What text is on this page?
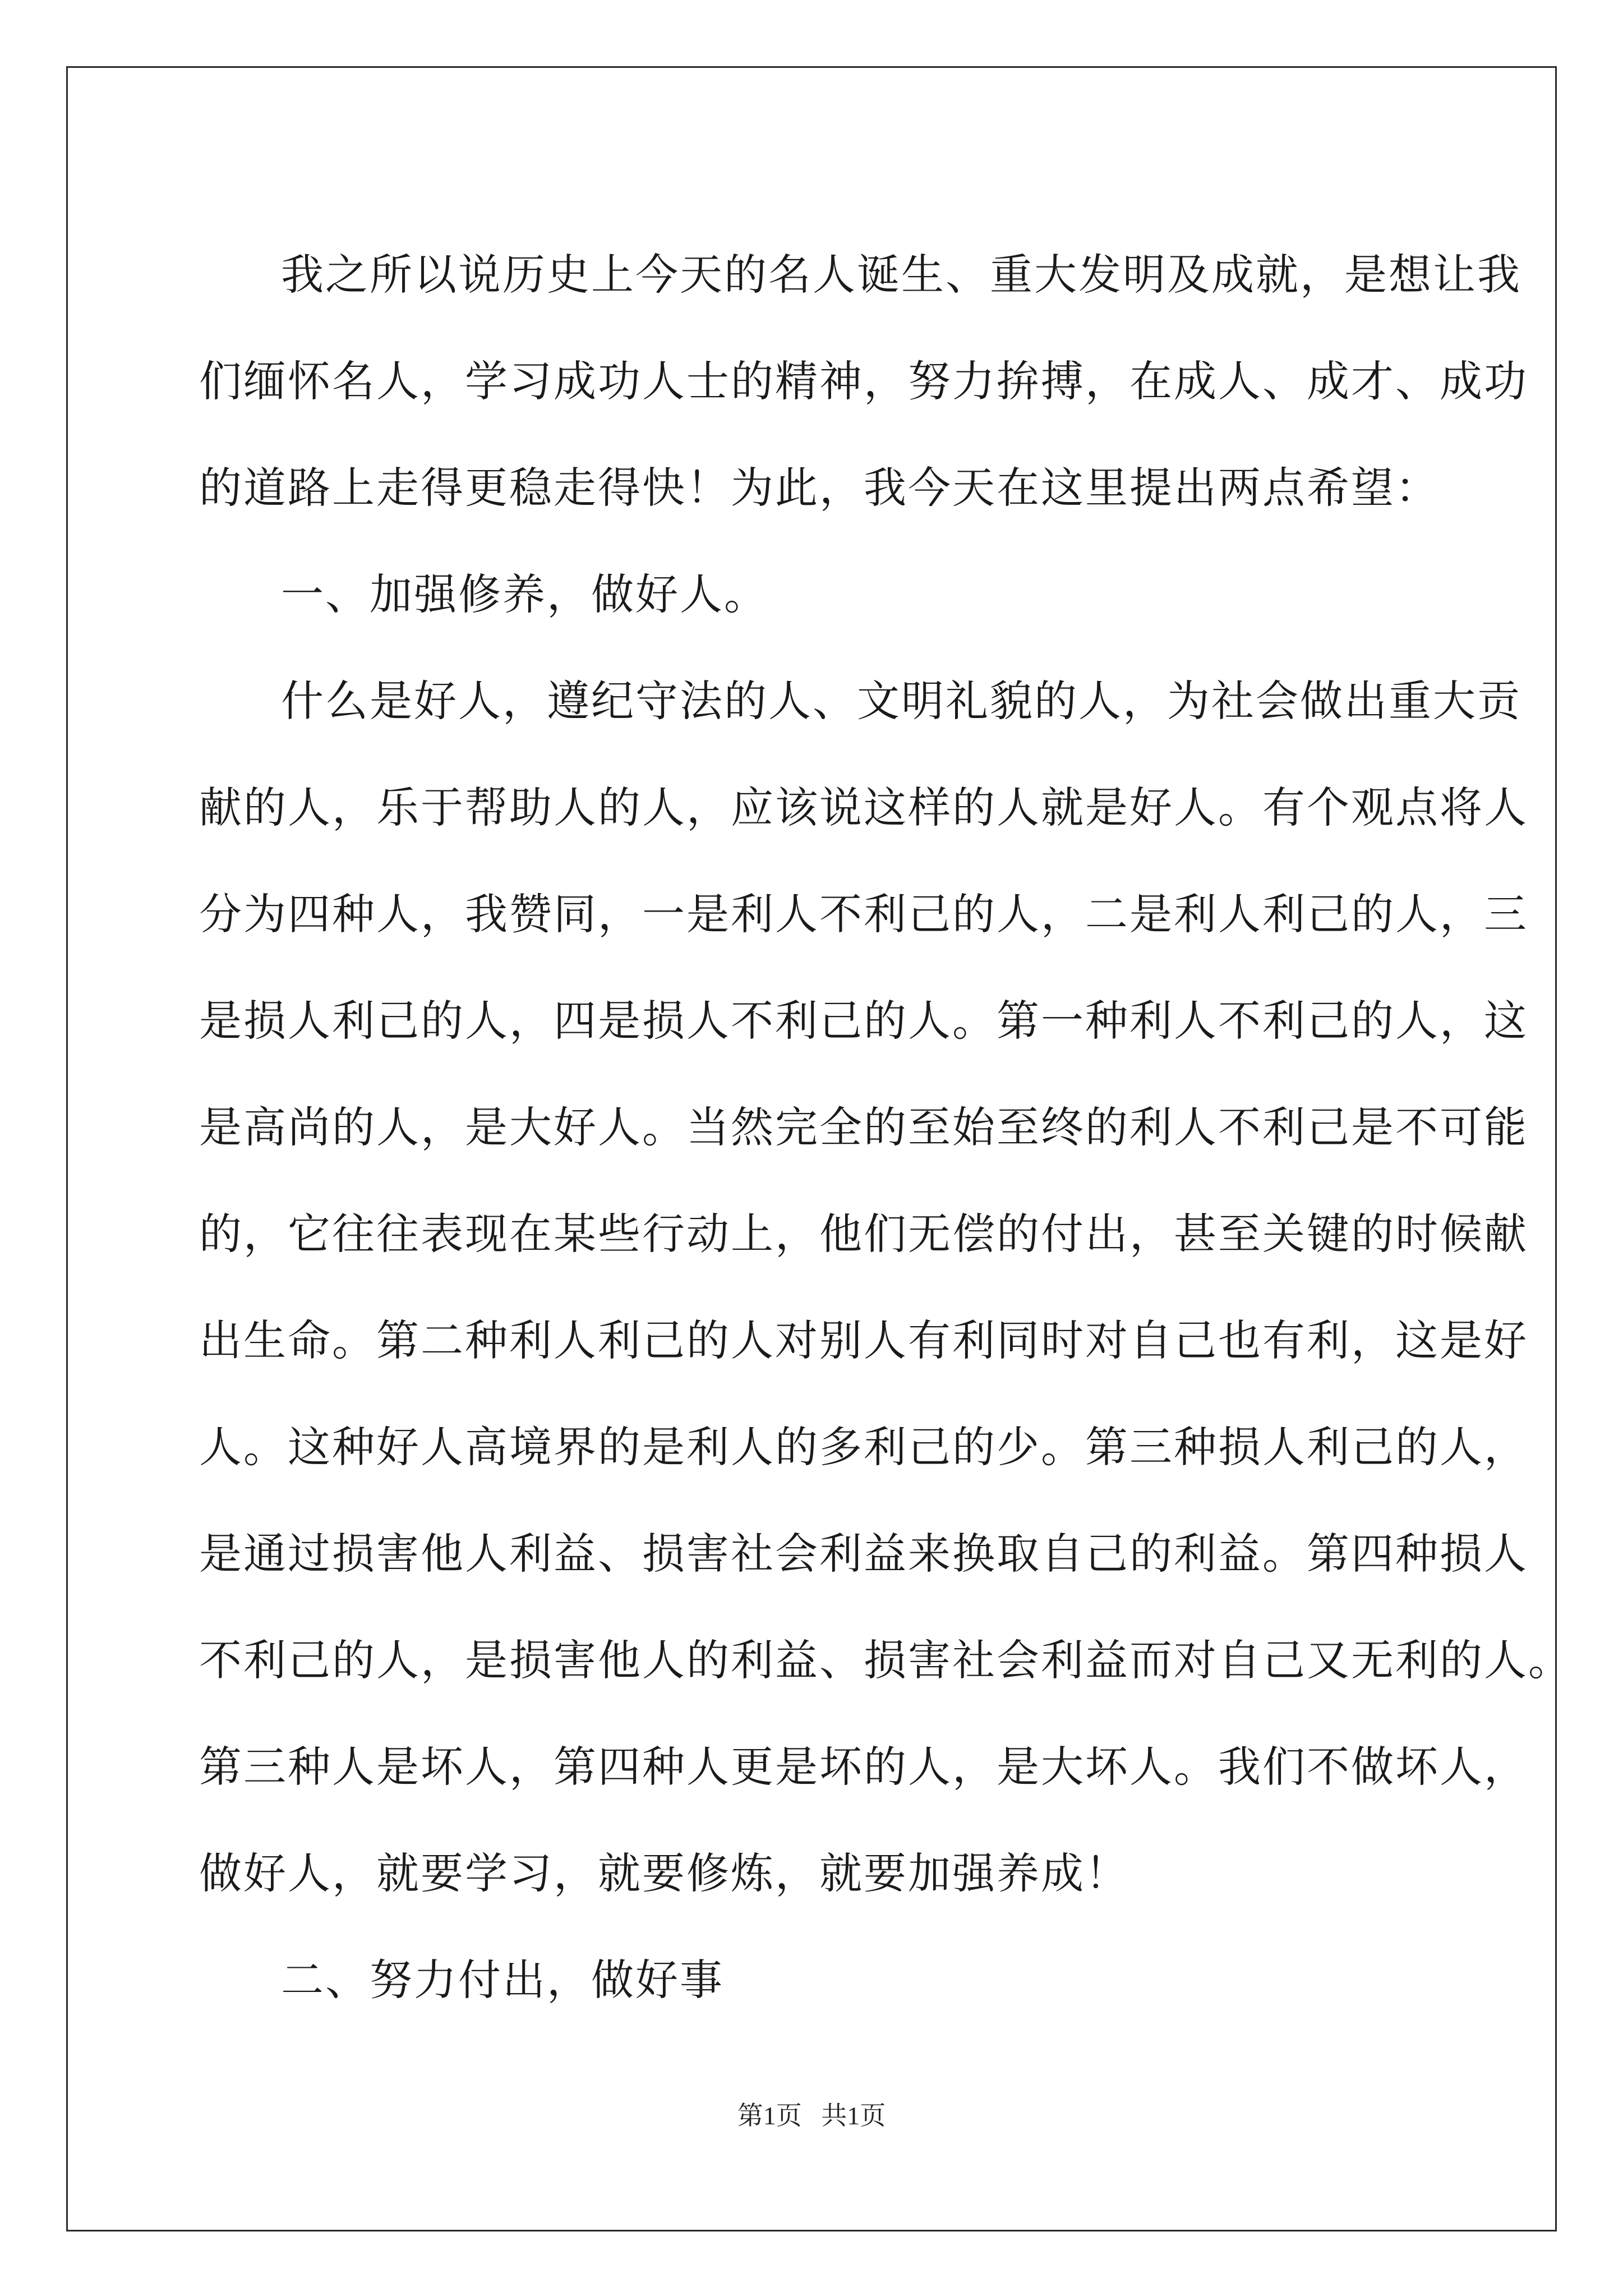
我之所以说历史上今天的名人诞生、重大发明及成就，是想让我
们缅怀名人，学习成功人士的精神，努力拚搏，在成人、成才、成功
的道路上走得更稳走得快！为此，我今天在这里提出两点希望：
一、加强修养，做好人。
什么是好人，遵纪守法的人、文明礼貌的人，为社会做出重大贡
献的人，乐于帮助人的人，应该说这样的人就是好人。有个观点将人
分为四种人，我赞同，一是利人不利己的人，二是利人利己的人，三
是损人利己的人，四是损人不利己的人。第一种利人不利己的人，这
是高尚的人，是大好人。当然完全的至始至终的利人不利己是不可能
的，它往往表现在某些行动上，他们无偿的付出，甚至关键的时候献
出生命。第二种利人利己的人对别人有利同时对自己也有利，这是好
人。这种好人高境界的是利人的多利己的少。第三种损人利己的人，
是通过损害他人利益、损害社会利益来换取自己的利益。第四种损人
不利己的人，是损害他人的利益、损害社会利益而对自己又无利的人。
第三种人是坏人，第四种人更是坏的人，是大坏人。我们不做坏人，
做好人，就要学习，就要修炼，就要加强养成！
二、努力付出，做好事
第1页   共1页
